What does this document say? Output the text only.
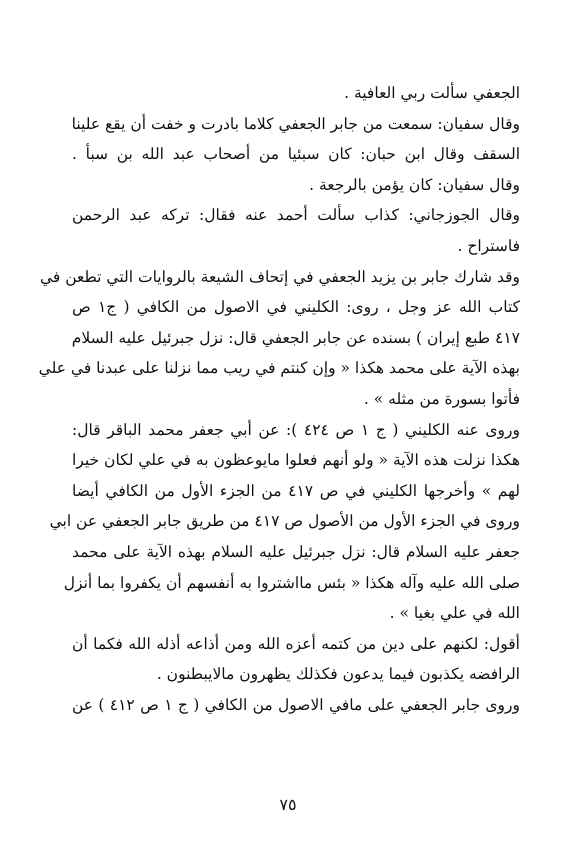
الجعفي سألت ربي العافية .
وقال سفيان: سمعت من جابر الجعفي كلاما بادرت و خفت أن يقع علينا
السقف وقال ابن حبان: كان سبئيا من أصحاب عبد الله بن سبأ .
وقال سفيان: كان يؤمن بالرجعة .
وقال الجوزجاني: كذاب سألت أحمد عنه فقال: تركه عبد الرحمن
فاستراح .
وقد شارك جابر بن يزيد الجعفي في إتحاف الشيعة بالروايات التي تطعن في
كتاب الله عز وجل ، روى: الكليني في الاصول من الكافي ( ج١ ص
٤١٧ طبع إيران ) بسنده عن جابر الجعفي قال: نزل جبرئيل عليه السلام
بهذه الآية على محمد هكذا « وإن كنتم في ريب مما نزلنا على عبدنا في علي
فأتوا بسورة من مثله » .
وروى عنه الكليني ( ج ١ ص ٤٢٤ ): عن أبي جعفر محمد الباقر قال:
هكذا نزلت هذه الآية « ولو أنهم فعلوا مايوعظون به في علي لكان خيرا
لهم » وأخرجها الكليني في ص ٤١٧ من الجزء الأول من الكافي أيضا
وروى في الجزء الأول من الأصول ص ٤١٧ من طريق جابر الجعفي عن ابي
جعفر عليه السلام قال: نزل جبرئيل عليه السلام بهذه الآية على محمد
صلى الله عليه وآله هكذا « بئس مااشتروا به أنفسهم أن يكفروا بما أنزل
الله في علي بغيا » .
أقول: لكنهم على دين من كتمه أعزه الله ومن أذاعه أذله الله فكما أن
الرافضه يكذبون فيما يدعون فكذلك يظهرون مالايبطنون .
وروى جابر الجعفي على مافي الاصول من الكافي ( ج ١ ص ٤١٢ ) عن
٧٥
